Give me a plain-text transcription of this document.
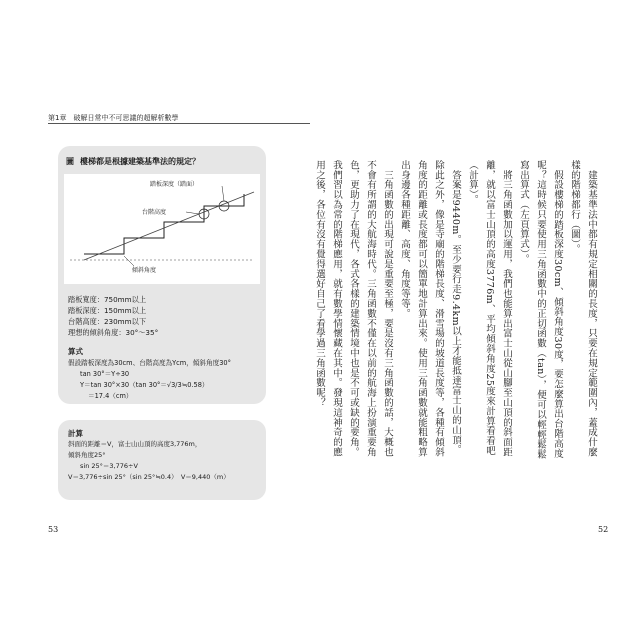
第1章　破解日常中不可思議的超解析數學
圖 樓梯都是根據建築基準法的規定？
踏板深度（踏面）
台階高度
傾斜角度
踏板寬度：750mm以上
踏板深度：150mm以上
台階高度：230mm以下
理想的傾斜角度：30°～35°
算式
假設踏板深度為30cm、台階高度為Ycm，傾斜角度30°
tan 30°＝Y÷30
Y＝tan 30°×30（tan 30°＝√3/3≒0.58）
＝17.4（cm）
計算
斜面的距離＝V，富士山山頂的高度3,776m，
傾斜角度25°
sin 25°＝3,776÷V
V＝3,776÷sin 25°（sin 25°≒0.4）　V＝9,440（m）
53	52

　建築基準法中都有規定相關的長度，只要在規定範圍內，蓋成什麼樣的階梯都行（圖）。

　假設樓梯的踏板深度30cm、傾斜角度30度，要怎麼算出台階高度呢？這時候只要使用三角函數中的正切函數（tan），便可以輕輕鬆鬆寫出算式（左頁算式）。

　將三角函數加以運用，我們也能算出富士山從山腳至山頂的斜面距離，就以富士山頂的高度3776m、平均傾斜角度25度來計算看看吧（計算）。

　答案是9440m。至少要行走9.4km以上才能抵達富士山的山頂。除此之外，像是寺廟的階梯長度、滑雪場的坡道長度等，各種有傾斜角度的距離或長度都可以簡單地計算出來。使用三角函數就能粗略算出身邊各種距離、高度、角度等等。

　三角函數的出現可說是重要至極，要是沒有三角函數的話，大概也不會有所謂的大航海時代。三角函數不僅在以前的航海上扮演重要角色，更助力了在現代，各式各樣的建築情境中也是不可或缺的要角。我們習以為常的階梯應用，就有數學情懷藏在其中。發現這神奇的應用之後，各位有沒有覺得選好自己了看學過三角函數呢？
